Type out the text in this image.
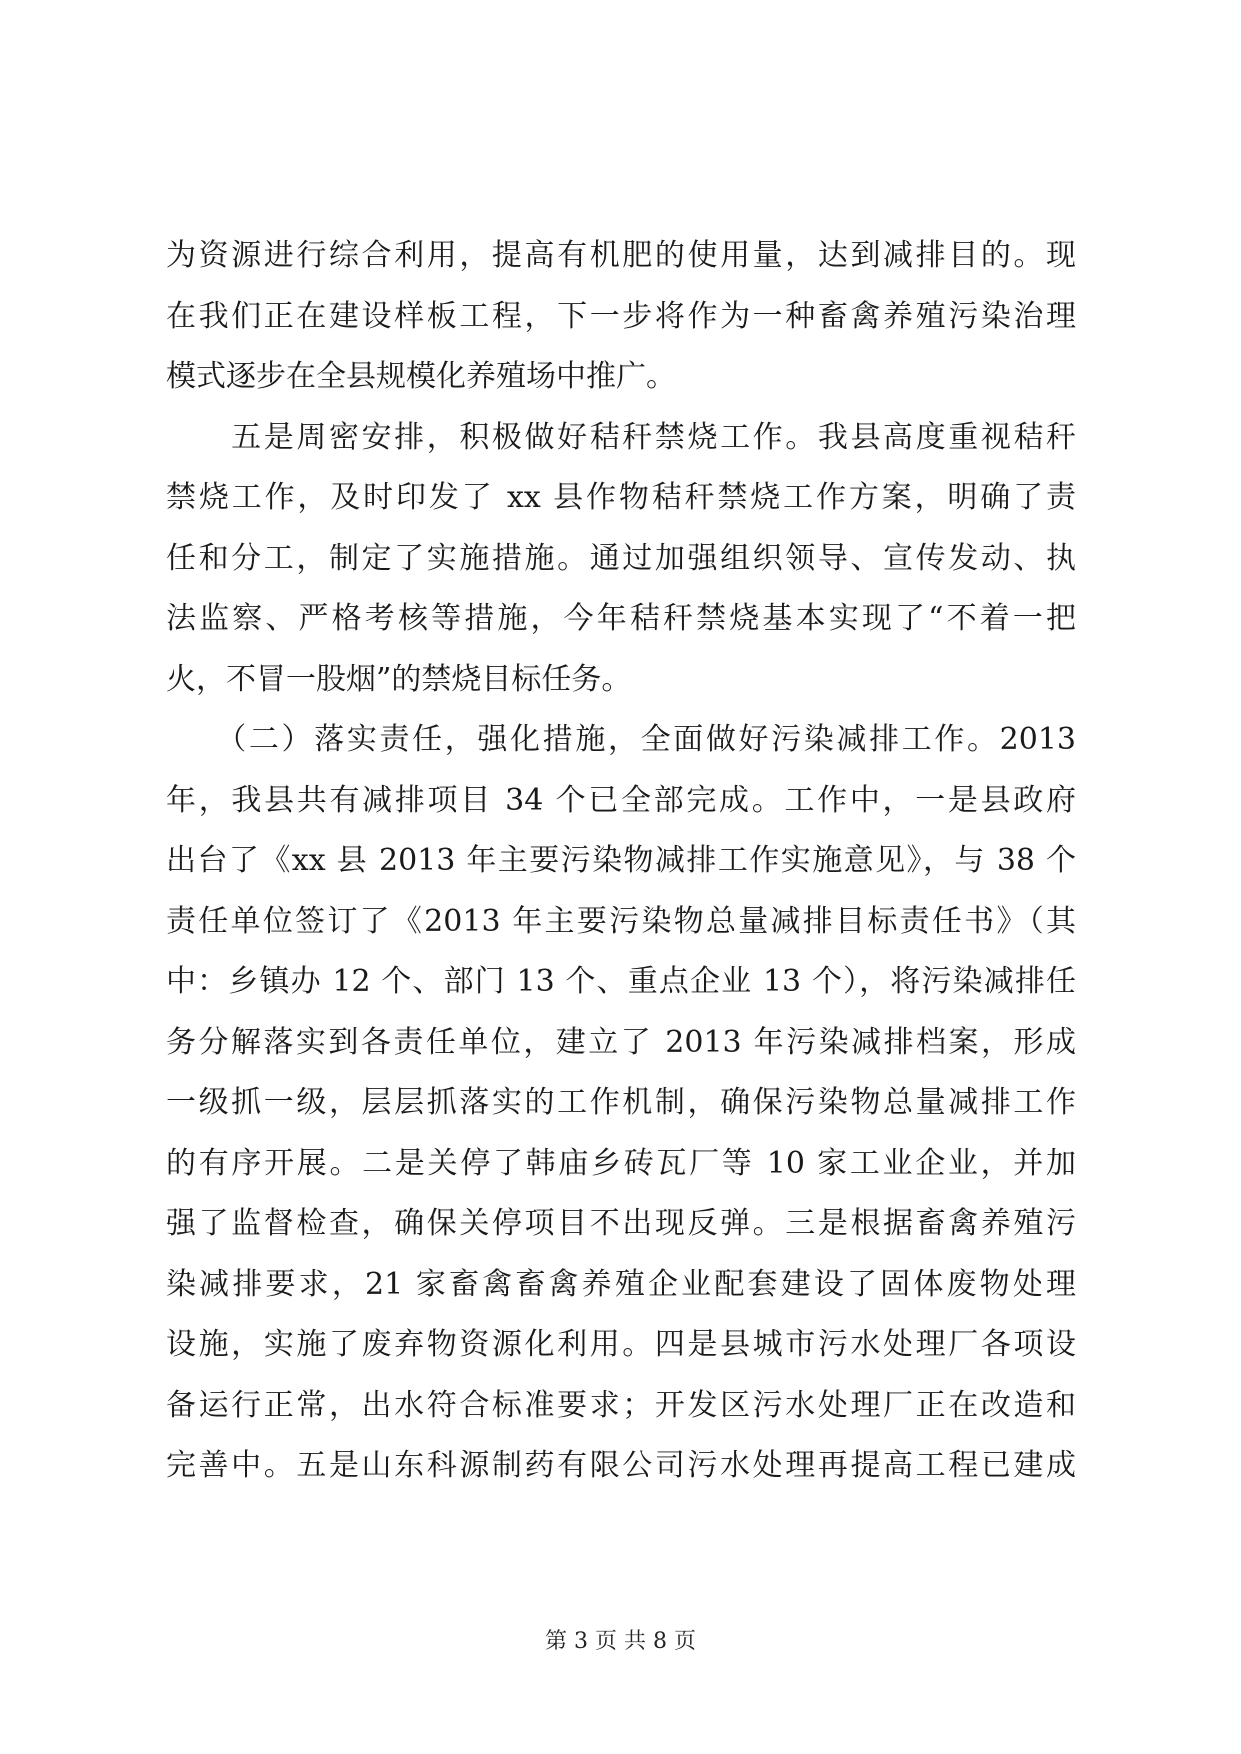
为资源进行综合利用，提高有机肥的使用量，达到减排目的。现
在我们正在建设样板工程，下一步将作为一种畜禽养殖污染治理
模式逐步在全县规模化养殖场中推广。
　　五是周密安排，积极做好秸秆禁烧工作。我县高度重视秸秆
禁烧工作，及时印发了 xx 县作物秸秆禁烧工作方案，明确了责
任和分工，制定了实施措施。通过加强组织领导、宣传发动、执
法监察、严格考核等措施，今年秸秆禁烧基本实现了“不着一把
火，不冒一股烟”的禁烧目标任务。
　　（二）落实责任，强化措施，全面做好污染减排工作。2013
年，我县共有减排项目 34 个已全部完成。工作中，一是县政府
出台了《xx 县 2013 年主要污染物减排工作实施意见》，与 38 个
责任单位签订了《2013 年主要污染物总量减排目标责任书》（其
中：乡镇办 12 个、部门 13 个、重点企业 13 个），将污染减排任
务分解落实到各责任单位，建立了 2013 年污染减排档案，形成
一级抓一级，层层抓落实的工作机制，确保污染物总量减排工作
的有序开展。二是关停了韩庙乡砖瓦厂等 10 家工业企业，并加
强了监督检查，确保关停项目不出现反弹。三是根据畜禽养殖污
染减排要求，21 家畜禽畜禽养殖企业配套建设了固体废物处理
设施，实施了废弃物资源化利用。四是县城市污水处理厂各项设
备运行正常，出水符合标准要求；开发区污水处理厂正在改造和
完善中。五是山东科源制药有限公司污水处理再提高工程已建成
第 3 页 共 8 页
